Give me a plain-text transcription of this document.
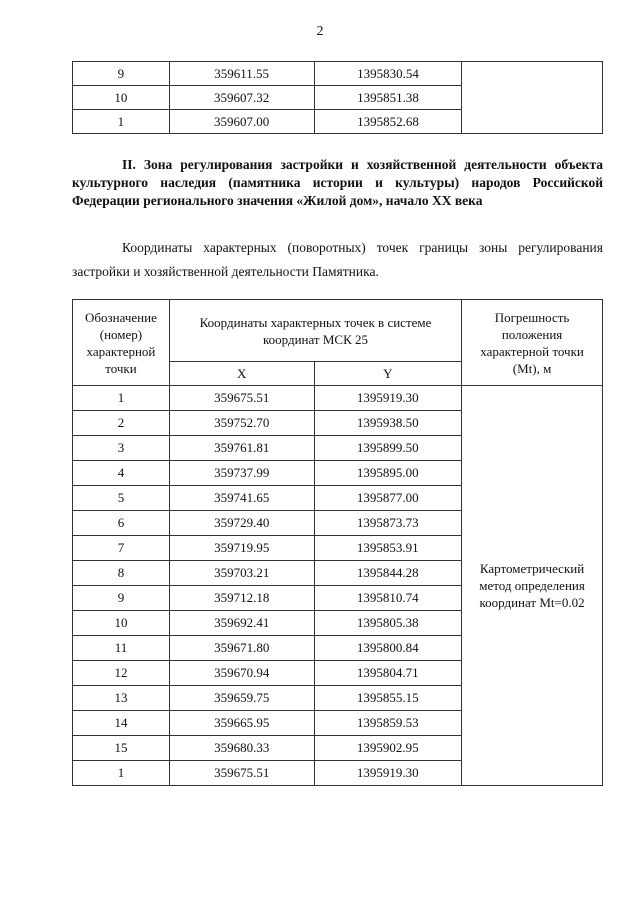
2
9	359611.55	1395830.54	
10	359607.32	1395851.38	
1	359607.00	1395852.68	
II. Зона регулирования застройки и хозяйственной деятельности объекта культурного наследия (памятника истории и культуры) народов Российской Федерации регионального значения «Жилой дом», начало XX века
Координаты характерных (поворотных) точек границы зоны регулирования застройки и хозяйственной деятельности Памятника.
Обозначение (номер) характерной точки	Координаты характерных точек в системе координат МСК 25		Погрешность положения характерной точки (Mt), м
	X	Y	
1	359675.51	1395919.30	Картометрический метод определения координат Mt=0.02
2	359752.70	1395938.50	
3	359761.81	1395899.50	
4	359737.99	1395895.00	
5	359741.65	1395877.00	
6	359729.40	1395873.73	
7	359719.95	1395853.91	
8	359703.21	1395844.28	
9	359712.18	1395810.74	
10	359692.41	1395805.38	
11	359671.80	1395800.84	
12	359670.94	1395804.71	
13	359659.75	1395855.15	
14	359665.95	1395859.53	
15	359680.33	1395902.95	
1	359675.51	1395919.30	
